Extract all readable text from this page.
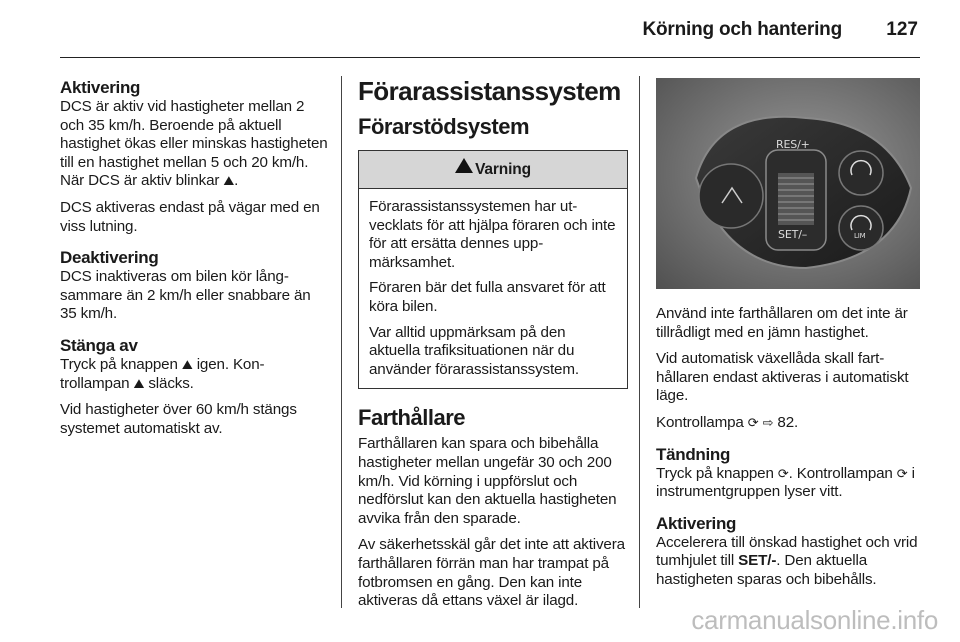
Körning och hantering 127
Aktivering

DCS är aktiv vid hastigheter mellan 2 och 35 km/h. Beroende på aktuell hastighet ökas eller minskas hastigheten till en hastighet mellan 5 och 20 km/h. När DCS är aktiv blinkar ⛰.

DCS aktiveras endast på vägar med en viss lutning.

Deaktivering

DCS inaktiveras om bilen kör långsammare än 2 km/h eller snabbare än 35 km/h.

Stänga av

Tryck på knappen ⛰ igen. Kontrollampan ⛰ släcks.

Vid hastigheter över 60 km/h stängs systemet automatiskt av.

Förarassistanssystem
Förarstödsystem
Varning

Förarassistanssystemen har utvecklats för att hjälpa föraren och inte för att ersätta dennes uppmärksamhet.

Föraren bär det fulla ansvaret för att köra bilen.

Var alltid uppmärksam på den aktuella trafiksituationen när du använder förarassistanssystem.

Farthållare

Farthållaren kan spara och bibehålla hastigheter mellan ungefär 30 och 200 km/h. Vid körning i uppförslut och nedförslut kan den aktuella hastigheten avvika från den sparade.

Av säkerhetsskäl går det inte att aktivera farthållaren förrän man har trampat på fotbromsen en gång. Den kan inte aktiveras då ettans växel är ilagd.

RES/+
SET/–	LIM

Använd inte farthållaren om det inte är tillrådligt med en jämn hastighet.

Vid automatisk växellåda skall farthållaren endast aktiveras i automatiskt läge.

Kontrollampa ⟳ ⇨ 82.

Tändning

Tryck på knappen ⟳. Kontrollampan ⟳ i instrumentgruppen lyser vitt.

Aktivering

Accelerera till önskad hastighet och vrid tumhjulet till SET/-. Den aktuella hastigheten sparas och bibehålls.

carmanualsonline.info
